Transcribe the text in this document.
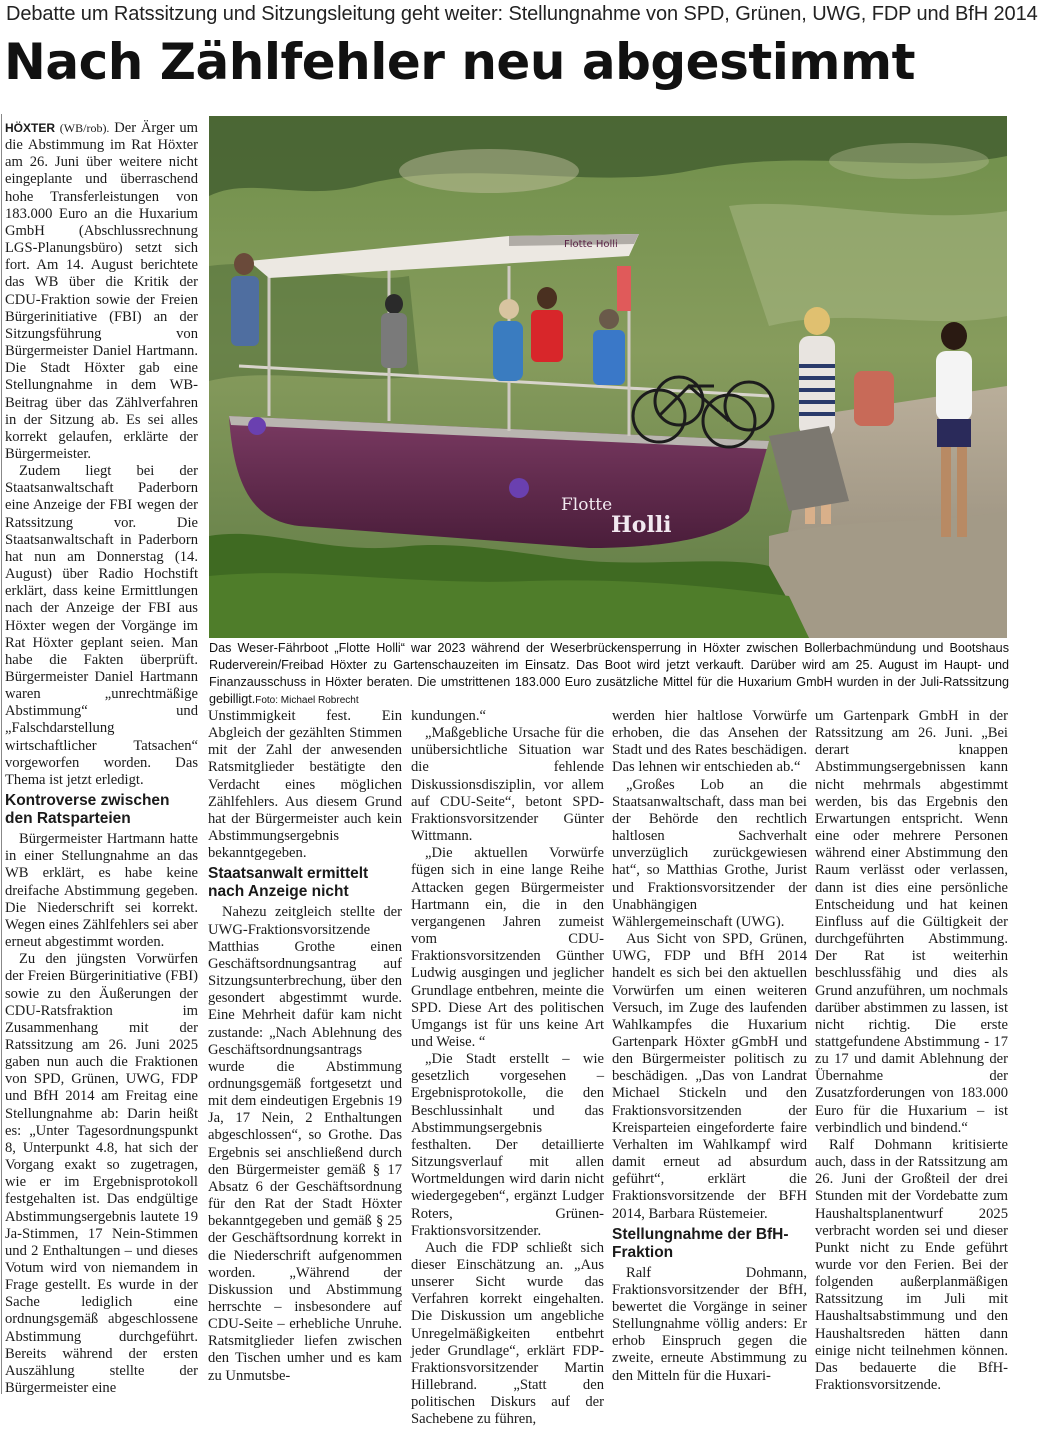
Debatte um Ratssitzung und Sitzungsleitung geht weiter: Stellungnahme von SPD, Grünen, UWG, FDP und BfH 2014
Nach Zählfehler neu abgestimmt

HÖXTER (WB/rob). Der Ärger um die Abstimmung im Rat Höxter am 26. Juni über weitere nicht eingeplante und überraschend hohe Transferleistungen von 183.000 Euro an die Huxarium GmbH (Abschlussrechnung LGS-Planungsbüro) setzt sich fort. Am 14. August berichtete das WB über die Kritik der CDU-Fraktion sowie der Freien Bürgerinitiative (FBI) an der Sitzungsführung von Bürgermeister Daniel Hartmann. Die Stadt Höxter gab eine Stellungnahme in dem WB-Beitrag über das Zählverfahren in der Sitzung ab. Es sei alles korrekt gelaufen, erklärte der Bürgermeister.

Zudem liegt bei der Staatsanwaltschaft Paderborn eine Anzeige der FBI wegen der Ratssitzung vor. Die Staatsanwaltschaft in Paderborn hat nun am Donnerstag (14. August) über Radio Hochstift erklärt, dass keine Ermittlungen nach der Anzeige der FBI aus Höxter wegen der Vorgänge im Rat Höxter geplant seien. Man habe die Fakten überprüft. Bürgermeister Daniel Hartmann waren „unrechtmäßige Abstimmung“ und „Falschdarstellung wirtschaftlicher Tatsachen“ vorgeworfen worden. Das Thema ist jetzt erledigt.

Kontroverse zwischen den Ratsparteien

Bürgermeister Hartmann hatte in einer Stellungnahme an das WB erklärt, es habe keine dreifache Abstimmung gegeben. Die Niederschrift sei korrekt. Wegen eines Zählfehlers sei aber erneut abgestimmt worden.

Zu den jüngsten Vorwürfen der Freien Bürgerinitiative (FBI) sowie zu den Äußerungen der CDU-Ratsfraktion im Zusammenhang mit der Ratssitzung am 26. Juni 2025 gaben nun auch die Fraktionen von SPD, Grünen, UWG, FDP und BfH 2014 am Freitag eine Stellungnahme ab: Darin heißt es: „Unter Tagesordnungspunkt 8, Unterpunkt 4.8, hat sich der Vorgang exakt so zugetragen, wie er im Ergebnisprotokoll festgehalten ist. Das endgültige Abstimmungsergebnis lautete 19 Ja-Stimmen, 17 Nein-Stimmen und 2 Enthaltungen – und dieses Votum wird von niemandem in Frage gestellt. Es wurde in der Sache lediglich eine ordnungsgemäß abgeschlossene Abstimmung durchgeführt. Bereits während der ersten Auszählung stellte der Bürgermeister eine

Flotte Holli
Flotte
Holli
Das Weser-Fährboot „Flotte Holli“ war 2023 während der Weserbrückensperrung in Höxter zwischen Bollerbachmündung und Bootshaus Ruderverein/Freibad Höxter zu Gartenschauzeiten im Einsatz. Das Boot wird jetzt verkauft. Darüber wird am 25. August im Haupt- und Finanzausschuss in Höxter beraten. Die umstrittenen 183.000 Euro zusätzliche Mittel für die Huxarium GmbH wurden in der Juli-Ratssitzung gebilligt.Foto: Michael Robrecht

Unstimmigkeit fest. Ein Abgleich der gezählten Stimmen mit der Zahl der anwesenden Ratsmitglieder bestätigte den Verdacht eines möglichen Zählfehlers. Aus diesem Grund hat der Bürgermeister auch kein Abstimmungsergebnis bekanntgegeben.

Staatsanwalt ermittelt nach Anzeige nicht

Nahezu zeitgleich stellte der UWG-Fraktionsvorsitzende Matthias Grothe einen Geschäftsordnungsantrag auf Sitzungsunterbrechung, über den gesondert abgestimmt wurde. Eine Mehrheit dafür kam nicht zustande: „Nach Ablehnung des Geschäftsordnungsantrags wurde die Abstimmung ordnungsgemäß fortgesetzt und mit dem eindeutigen Ergebnis 19 Ja, 17 Nein, 2 Enthaltungen abgeschlossen“, so Grothe. Das Ergebnis sei anschließend durch den Bürgermeister gemäß § 17 Absatz 6 der Geschäftsordnung für den Rat der Stadt Höxter bekanntgegeben und gemäß § 25 der Geschäftsordnung korrekt in die Niederschrift aufgenommen worden. „Während der Diskussion und Abstimmung herrschte – insbesondere auf CDU-Seite – erhebliche Unruhe. Ratsmitglieder liefen zwischen den Tischen umher und es kam zu Unmutsbe-

kundungen.“

„Maßgebliche Ursache für die unübersichtliche Situation war die fehlende Diskussionsdisziplin, vor allem auf CDU-Seite“, betont SPD-Fraktionsvorsitzender Günter Wittmann.

„Die aktuellen Vorwürfe fügen sich in eine lange Reihe Attacken gegen Bürgermeister Hartmann ein, die in den vergangenen Jahren zumeist vom CDU-Fraktionsvorsitzenden Günther Ludwig ausgingen und jeglicher Grundlage entbehren, meinte die SPD. Diese Art des politischen Umgangs ist für uns keine Art und Weise. “

„Die Stadt erstellt – wie gesetzlich vorgesehen – Ergebnisprotokolle, die den Beschlussinhalt und das Abstimmungsergebnis festhalten. Der detaillierte Sitzungsverlauf mit allen Wortmeldungen wird darin nicht wiedergegeben“, ergänzt Ludger Roters, Grünen-Fraktionsvorsitzender.

Auch die FDP schließt sich dieser Einschätzung an. „Aus unserer Sicht wurde das Verfahren korrekt eingehalten. Die Diskussion um angebliche Unregelmäßigkeiten entbehrt jeder Grundlage“, erklärt FDP-Fraktionsvorsitzender Martin Hillebrand. „Statt den politischen Diskurs auf der Sachebene zu führen,

werden hier haltlose Vorwürfe erhoben, die das Ansehen der Stadt und des Rates beschädigen. Das lehnen wir entschieden ab.“

„Großes Lob an die Staatsanwaltschaft, dass man bei der Behörde den rechtlich haltlosen Sachverhalt unverzüglich zurückgewiesen hat“, so Matthias Grothe, Jurist und Fraktionsvorsitzender der Unabhängigen Wählergemeinschaft (UWG).

Aus Sicht von SPD, Grünen, UWG, FDP und BfH 2014 handelt es sich bei den aktuellen Vorwürfen um einen weiteren Versuch, im Zuge des laufenden Wahlkampfes die Huxarium Gartenpark Höxter gGmbH und den Bürgermeister politisch zu beschädigen. „Das von Landrat Michael Stickeln und den Fraktionsvorsitzenden der Kreisparteien eingeforderte faire Verhalten im Wahlkampf wird damit erneut ad absurdum geführt“, erklärt die Fraktionsvorsitzende der BFH 2014, Barbara Rüstemeier.

Stellungnahme der BfH-Fraktion

Ralf Dohmann, Fraktionsvorsitzender der BfH, bewertet die Vorgänge in seiner Stellungnahme völlig anders: Er erhob Einspruch gegen die zweite, erneute Abstimmung zu den Mitteln für die Huxari-

um Gartenpark GmbH in der Ratssitzung am 26. Juni. „Bei derart knappen Abstimmungsergebnissen kann nicht mehrmals abgestimmt werden, bis das Ergebnis den Erwartungen entspricht. Wenn eine oder mehrere Personen während einer Abstimmung den Raum verlässt oder verlassen, dann ist dies eine persönliche Entscheidung und hat keinen Einfluss auf die Gültigkeit der durchgeführten Abstimmung. Der Rat ist weiterhin beschlussfähig und dies als Grund anzuführen, um nochmals darüber abstimmen zu lassen, ist nicht richtig. Die erste stattgefundene Abstimmung - 17 zu 17 und damit Ablehnung der Übernahme der Zusatzforderungen von 183.000 Euro für die Huxarium – ist verbindlich und bindend.“

Ralf Dohmann kritisierte auch, dass in der Ratssitzung am 26. Juni der Großteil der drei Stunden mit der Vordebatte zum Haushaltsplanentwurf 2025 verbracht worden sei und dieser Punkt nicht zu Ende geführt wurde vor den Ferien. Bei der folgenden außerplanmäßigen Ratssitzung im Juli mit Haushaltsabstimmung und den Haushaltsreden hätten dann einige nicht teilnehmen können. Das bedauerte die BfH-Fraktionsvorsitzende.
